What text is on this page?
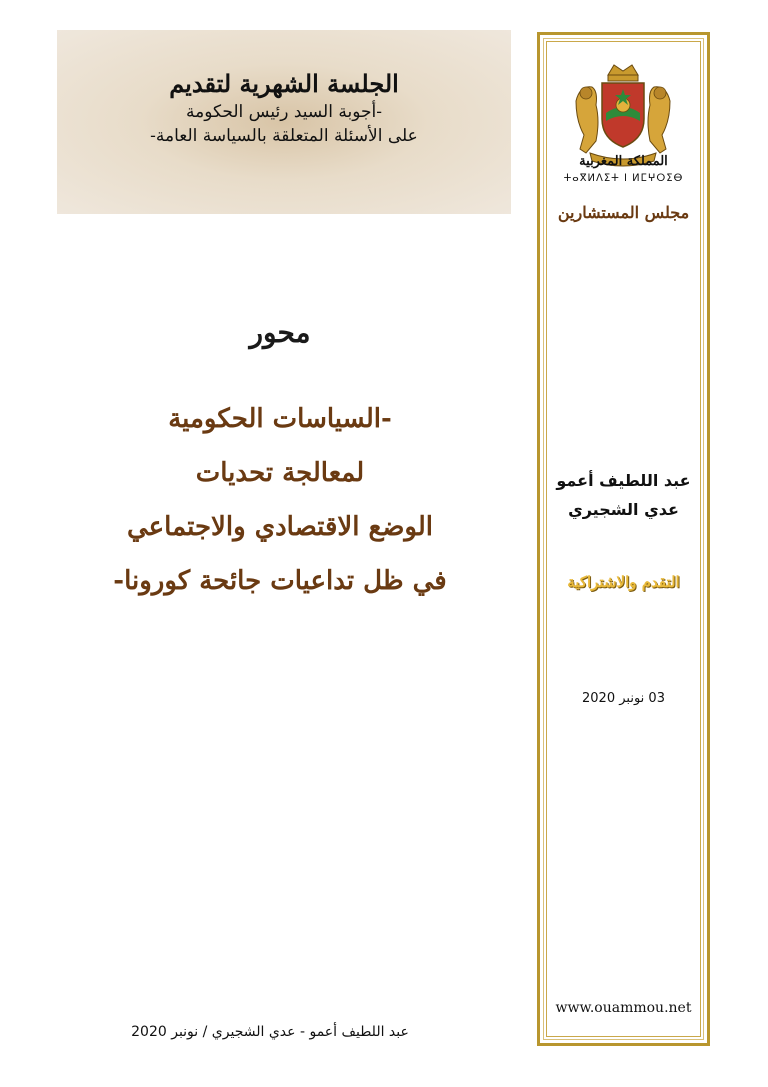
الجلسة الشهرية لتقديم
-أجوبة السيد رئيس الحكومة
على الأسئلة المتعلقة بالسياسة العامة-
محور
-السياسات الحكومية
لمعالجة تحديات
الوضع الاقتصادي والاجتماعي
في ظل تداعيات جائحة كورونا-
عبد اللطيف أعمو - عدي الشجيري / نونبر 2020
المملكة المغربية
ⵜⴰⴳⵍⴷⵉⵜ ⵏ ⵍⵎⵖⵔⵉⴱ
مجلس المستشارين
عبد اللطيف أعمو
عدي الشجيري
التقدم والاشتراكية
03 نونبر 2020
www.ouammou.net
